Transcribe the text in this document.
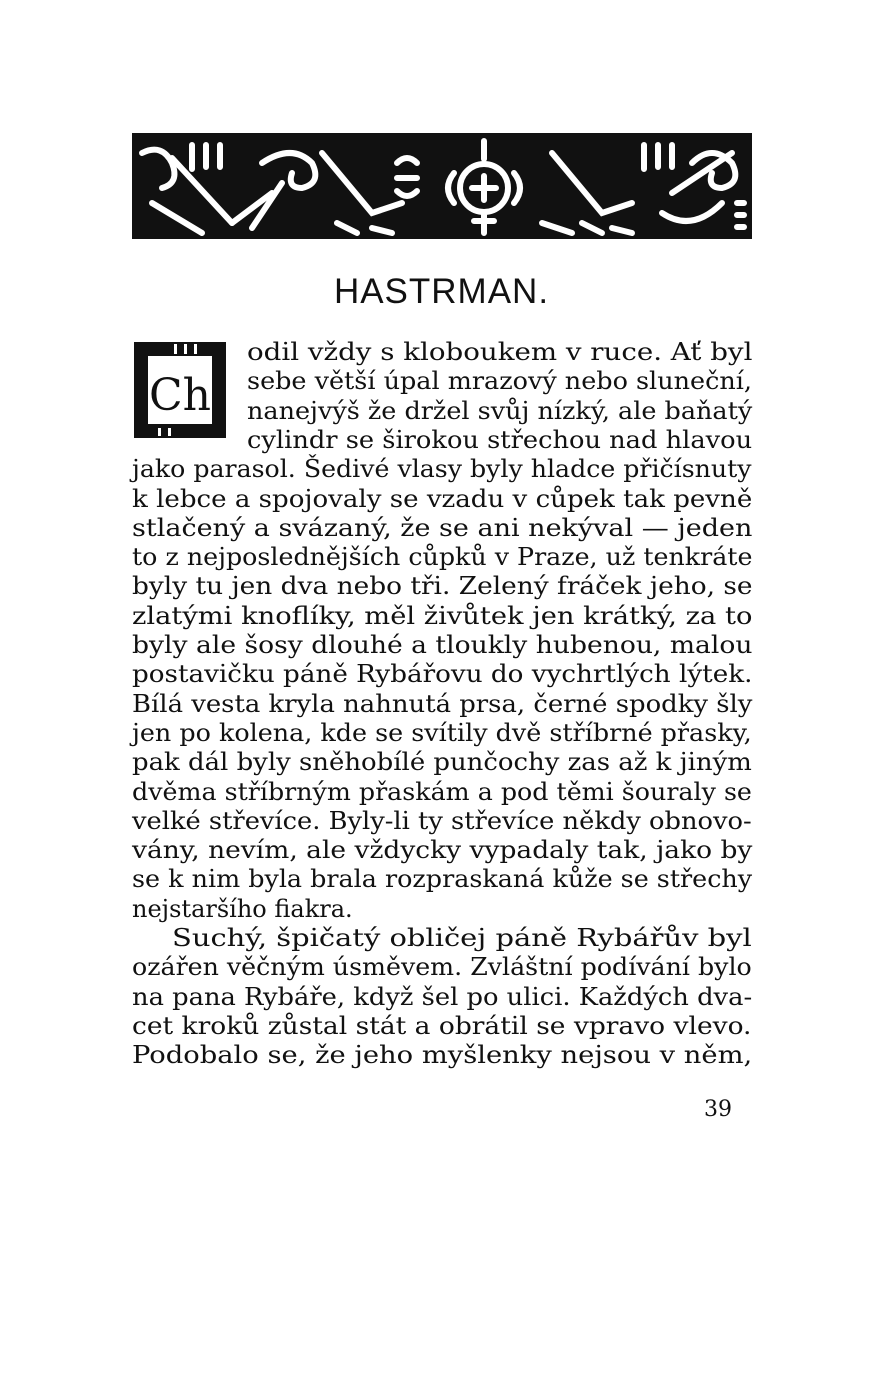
HASTRMAN.
Ch
odil vždy s kloboukem v ruce. Ať byl
sebe větší úpal mrazový nebo sluneční,
nanejvýš že držel svůj nízký, ale baňatý
cylindr se širokou střechou nad hlavou
jako parasol. Šedivé vlasy byly hladce přičísnuty
k lebce a spojovaly se vzadu v cůpek tak pevně
stlačený a svázaný, že se ani nekýval — jeden
to z nejposlednějších cůpků v Praze, už tenkráte
byly tu jen dva nebo tři. Zelený fráček jeho, se
zlatými knoflíky, měl živůtek jen krátký, za to
byly ale šosy dlouhé a tloukly hubenou, malou
postavičku páně Rybářovu do vychrtlých lýtek.
Bílá vesta kryla nahnutá prsa, černé spodky šly
jen po kolena, kde se svítily dvě stříbrné přasky,
pak dál byly sněhobílé punčochy zas až k jiným
dvěma stříbrným přaskám a pod těmi šouraly se
velké střevíce. Byly-li ty střevíce někdy obnovo-
vány, nevím, ale vždycky vypadaly tak, jako by
se k nim byla brala rozpraskaná kůže se střechy
nejstaršího fiakra.
Suchý, špičatý obličej páně Rybářův byl
ozářen věčným úsměvem. Zvláštní podívání bylo
na pana Rybáře, když šel po ulici. Každých dva-
cet kroků zůstal stát a obrátil se vpravo vlevo.
Podobalo se, že jeho myšlenky nejsou v něm,
39
